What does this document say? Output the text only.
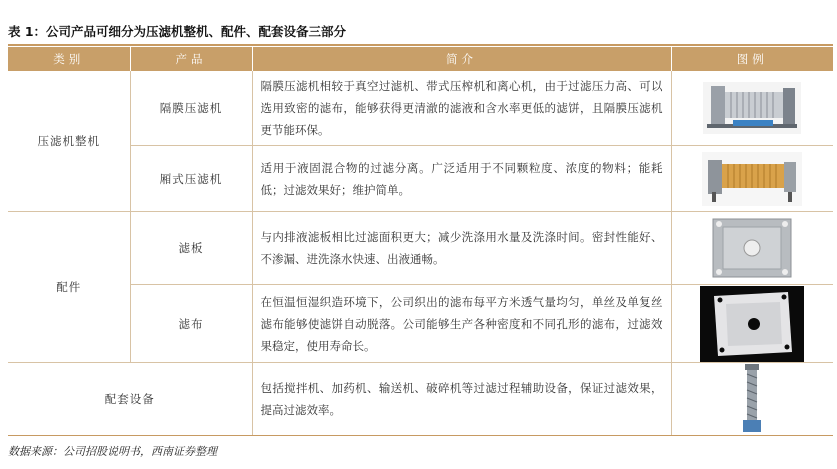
表 1：公司产品可细分为压滤机整机、配件、配套设备三部分
类别	产品	简介	图例
压滤机整机	隔膜压滤机	隔膜压滤机相较于真空过滤机、带式压榨机和离心机，由于过滤压力高、可以选用致密的滤布，能够获得更清澈的滤液和含水率更低的滤饼，且隔膜压滤机更节能环保。	

	厢式压滤机	适用于液固混合物的过滤分离。广泛适用于不同颗粒度、浓度的物料；能耗低；过滤效果好；维护简单。	

配件	滤板	与内排液滤板相比过滤面积更大；减少洗涤用水量及洗涤时间。密封性能好、不渗漏、进洗涤水快速、出液通畅。	

	滤布	在恒温恒湿织造环境下，公司织出的滤布每平方米透气量均匀，单丝及单复丝滤布能够使滤饼自动脱落。公司能够生产各种密度和不同孔形的滤布，过滤效果稳定，使用寿命长。	

配套设备		包括搅拌机、加药机、输送机、破碎机等过滤过程辅助设备，保证过滤效果，提高过滤效率。	
数据来源：公司招股说明书，西南证券整理
